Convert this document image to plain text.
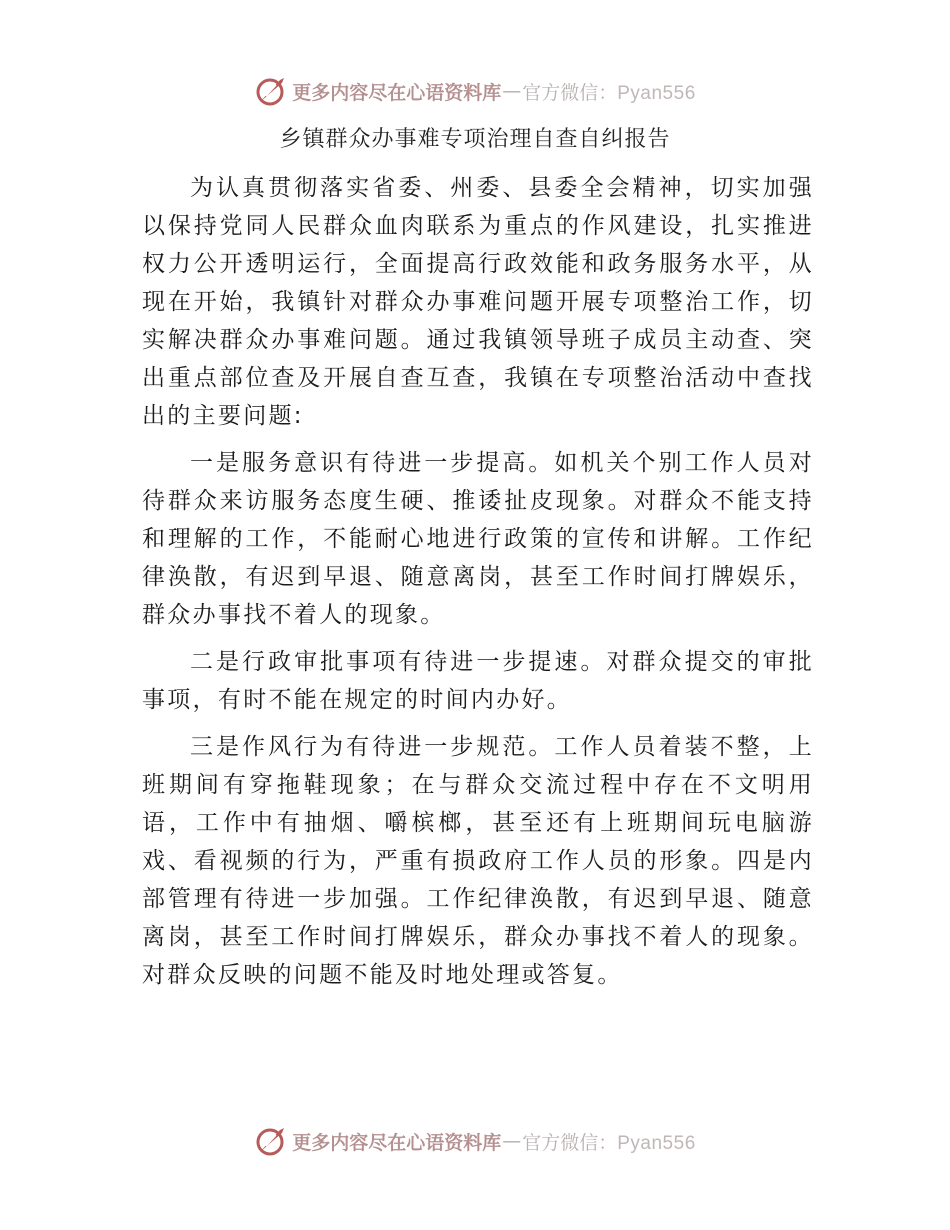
更多内容尽在心语资料库 — 官方微信：Pyan556
乡镇群众办事难专项治理自查自纠报告

为认真贯彻落实省委、州委、县委全会精神，切实加强以保持党同人民群众血肉联系为重点的作风建设，扎实推进权力公开透明运行，全面提高行政效能和政务服务水平，从现在开始，我镇针对群众办事难问题开展专项整治工作，切实解决群众办事难问题。通过我镇领导班子成员主动查、突出重点部位查及开展自查互查，我镇在专项整治活动中查找出的主要问题:

一是服务意识有待进一步提高。如机关个别工作人员对待群众来访服务态度生硬、推诿扯皮现象。对群众不能支持和理解的工作，不能耐心地进行政策的宣传和讲解。工作纪律涣散，有迟到早退、随意离岗，甚至工作时间打牌娱乐，群众办事找不着人的现象。

二是行政审批事项有待进一步提速。对群众提交的审批事项，有时不能在规定的时间内办好。

三是作风行为有待进一步规范。工作人员着装不整，上班期间有穿拖鞋现象；在与群众交流过程中存在不文明用语，工作中有抽烟、嚼槟榔，甚至还有上班期间玩电脑游戏、看视频的行为，严重有损政府工作人员的形象。四是内部管理有待进一步加强。工作纪律涣散，有迟到早退、随意离岗，甚至工作时间打牌娱乐，群众办事找不着人的现象。对群众反映的问题不能及时地处理或答复。

更多内容尽在心语资料库 — 官方微信：Pyan556
